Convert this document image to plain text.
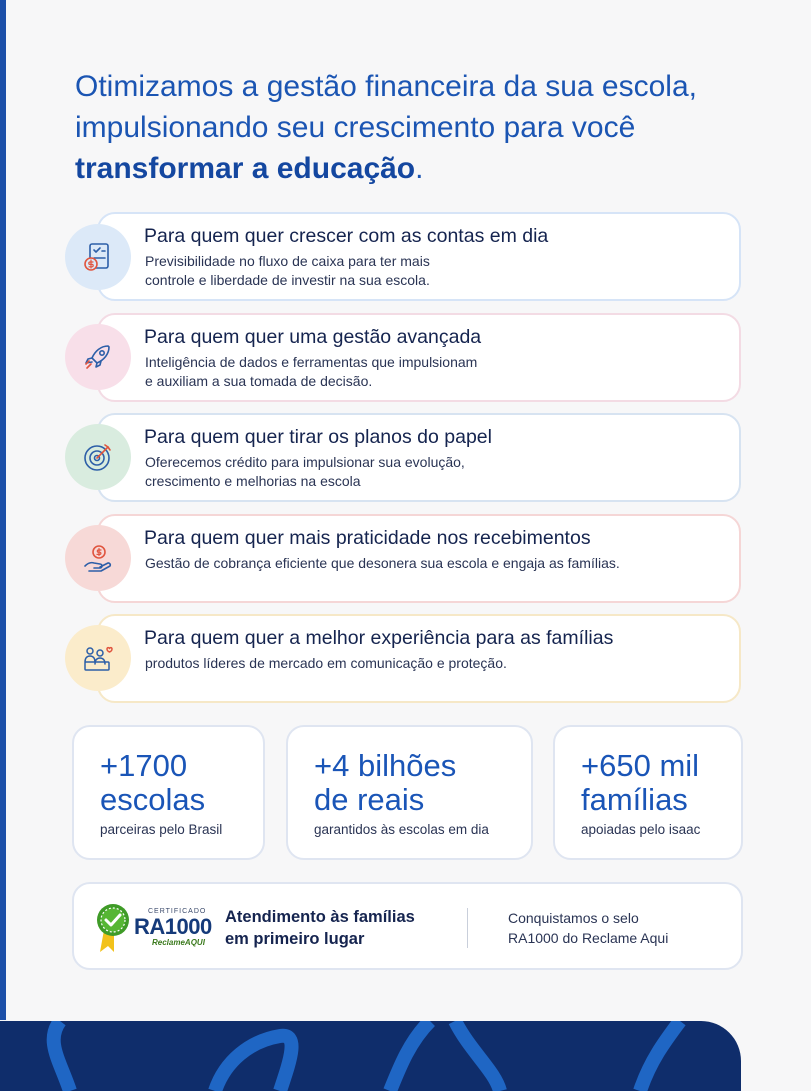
Otimizamos a gestão financeira da sua escola, impulsionando seu crescimento para você transformar a educação.
Para quem quer crescer com as contas em dia
Previsibilidade no fluxo de caixa para ter mais
controle e liberdade de investir na sua escola.
Para quem quer uma gestão avançada
Inteligência de dados e ferramentas que impulsionam
e auxiliam a sua tomada de decisão.
Para quem quer tirar os planos do papel
Oferecemos crédito para impulsionar sua evolução,
crescimento e melhorias na escola
Para quem quer mais praticidade nos recebimentos
Gestão de cobrança eficiente que desonera sua escola e engaja as famílias.
Para quem quer a melhor experiência para as famílias
produtos líderes de mercado em comunicação e proteção.
+1700
escolas
parceiras pelo Brasil
+4 bilhões
de reais
garantidos às escolas em dia
+650 mil
famílias
apoiadas pelo isaac
CERTIFICADO
RA1000
ReclameAQUI
Atendimento às famílias
em primeiro lugar
Conquistamos o selo
RA1000 do Reclame Aqui
